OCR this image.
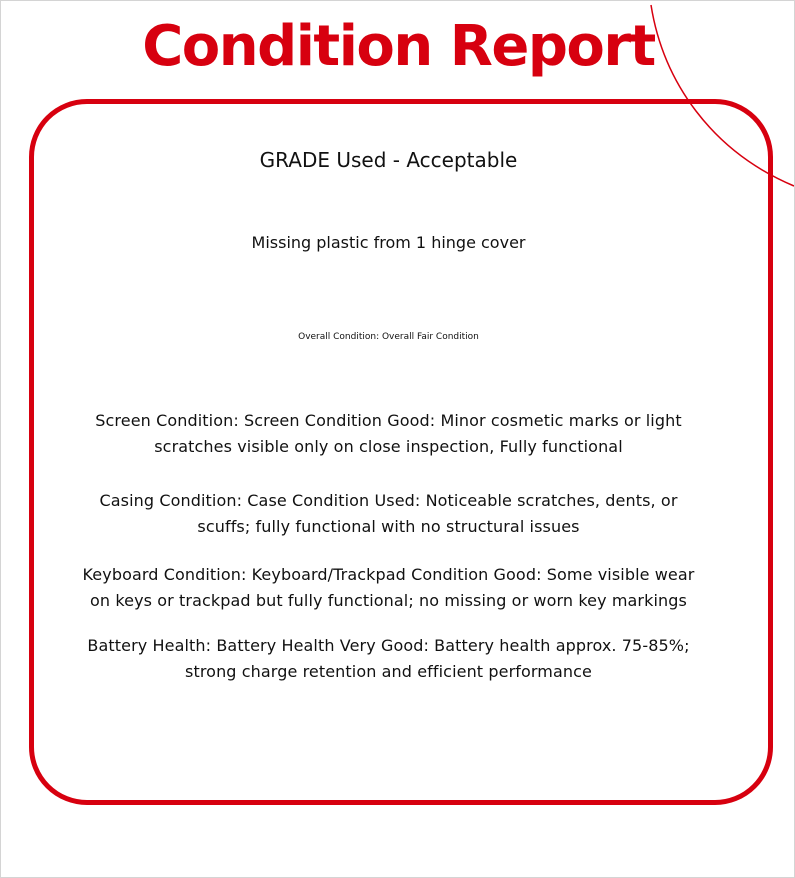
Condition Report
GRADE Used - Acceptable
Missing plastic from 1 hinge cover
Overall Condition: Overall Fair Condition
Screen Condition: Screen Condition Good: Minor cosmetic marks or light
scratches visible only on close inspection, Fully functional
Casing Condition: Case Condition Used: Noticeable scratches, dents, or
scuffs; fully functional with no structural issues
Keyboard Condition: Keyboard/Trackpad Condition Good: Some visible wear
on keys or trackpad but fully functional; no missing or worn key markings
Battery Health: Battery Health Very Good: Battery health approx. 75-85%;
strong charge retention and efficient performance
